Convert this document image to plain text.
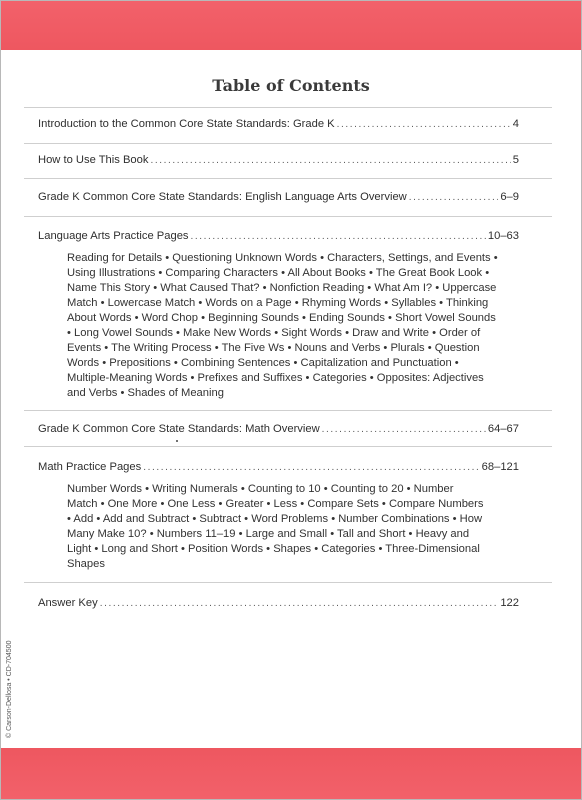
Table of Contents
Introduction to the Common Core State Standards: Grade K .....	4
How to Use This Book .....	5
Grade K Common Core State Standards: English Language Arts Overview .....	6–9
Language Arts Practice Pages .....	10–63
Reading for Details • Questioning Unknown Words • Characters, Settings, and Events • Using Illustrations • Comparing Characters • All About Books • The Great Book Look • Name This Story • What Caused That? • Nonfiction Reading • What Am I? • Uppercase Match • Lowercase Match • Words on a Page • Rhyming Words • Syllables • Thinking About Words • Word Chop • Beginning Sounds • Ending Sounds • Short Vowel Sounds • Long Vowel Sounds • Make New Words • Sight Words • Draw and Write • Order of Events • The Writing Process • The Five Ws • Nouns and Verbs • Plurals • Question Words • Prepositions • Combining Sentences • Capitalization and Punctuation • Multiple-Meaning Words • Prefixes and Suffixes • Categories • Opposites: Adjectives and Verbs • Shades of Meaning
Grade K Common Core State Standards: Math Overview .....	64–67
Math Practice Pages .....	68–121
Number Words • Writing Numerals • Counting to 10 • Counting to 20 • Number Match • One More • One Less • Greater • Less • Compare Sets • Compare Numbers • Add • Add and Subtract • Subtract • Word Problems • Number Combinations • How Many Make 10? • Numbers 11–19 • Large and Small • Tall and Short • Heavy and Light • Long and Short • Position Words • Shapes • Categories • Three-Dimensional Shapes
Answer Key .....	122
© Carson-Dellosa • CD-704500
